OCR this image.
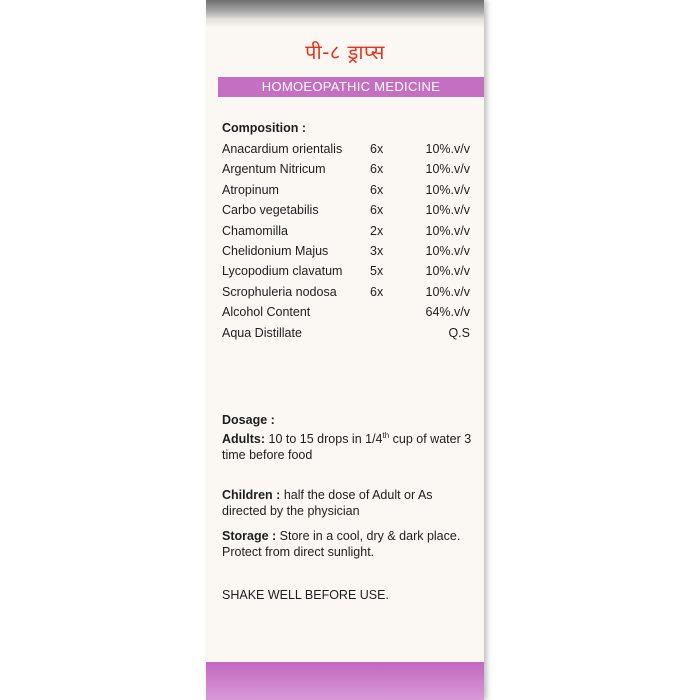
पी-८ ड्राप्स
HOMOEOPATHIC MEDICINE
Composition :
Anacardium orientalis 6x	10%.v/v
Argentum Nitricum	6x	10%.v/v
Atropinum	6x	10%.v/v
Carbo vegetabilis	6x	10%.v/v
Chamomilla	2x	10%.v/v
Chelidonium Majus	3x	10%.v/v
Lycopodium clavatum 5x	10%.v/v
Scrophuleria nodosa	6x	10%.v/v
Alcohol Content	64%.v/v
Aqua Distillate	Q.S
Dosage :
Adults: 10 to 15 drops in 1/4th cup of water 3 time before food
Children : half the dose of Adult or As directed by the physician
Storage : Store in a cool, dry & dark place. Protect from direct sunlight.
SHAKE WELL BEFORE USE.
